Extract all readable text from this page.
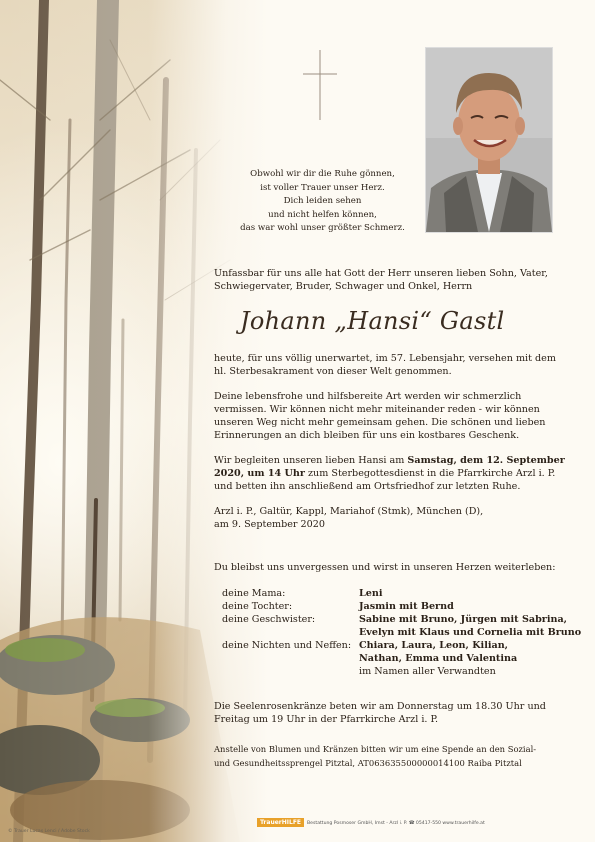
Obwohl wir dir die Ruhe gönnen,
ist voller Trauer unser Herz.
Dich leiden sehen
und nicht helfen können,
das war wohl unser größter Schmerz.
Unfassbar für uns alle hat Gott der Herr unseren lieben Sohn, Vater,
Schwiegervater, Bruder, Schwager und Onkel, Herrn
Johann „Hansi“ Gastl
heute, für uns völlig unerwartet, im 57. Lebensjahr, versehen mit dem
hl. Sterbesakrament von dieser Welt genommen.
Deine lebensfrohe und hilfsbereite Art werden wir schmerzlich
vermissen. Wir können nicht mehr miteinander reden - wir können
unseren Weg nicht mehr gemeinsam gehen. Die schönen und lieben
Erinnerungen an dich bleiben für uns ein kostbares Geschenk.
Wir begleiten unseren lieben Hansi am Samstag, dem 12. September
2020, um 14 Uhr zum Sterbegottesdienst in die Pfarrkirche Arzl i. P.
und betten ihn anschließend am Ortsfriedhof zur letzten Ruhe.
Arzl i. P., Galtür, Kappl, Mariahof (Stmk), München (D),
am 9. September 2020
Du bleibst uns unvergessen und wirst in unseren Herzen weiterleben:
deine Mama:	Leni
deine Tochter:	Jasmin mit Bernd
deine Geschwister:	Sabine mit Bruno, Jürgen mit Sabrina,
Evelyn mit Klaus und Cornelia mit Bruno
deine Nichten und Neffen: Chiara, Laura, Leon, Kilian,
Nathan, Emma und Valentina
im Namen aller Verwandten
Die Seelenrosenkränze beten wir am Donnerstag um 18.30 Uhr und
Freitag um 19 Uhr in der Pfarrkirche Arzl i. P.
Anstelle von Blumen und Kränzen bitten wir um eine Spende an den Sozial-
und Gesundheitssprengel Pitztal, AT063635500000014100 Raiba Pitztal
TrauerHILFE Bestattung Posmoser GmbH, Imst - Arzl i. P. ☎ 05417-550 www.trauerhilfe.at
© Trauer Lucas Lenci / Adobe Stock
